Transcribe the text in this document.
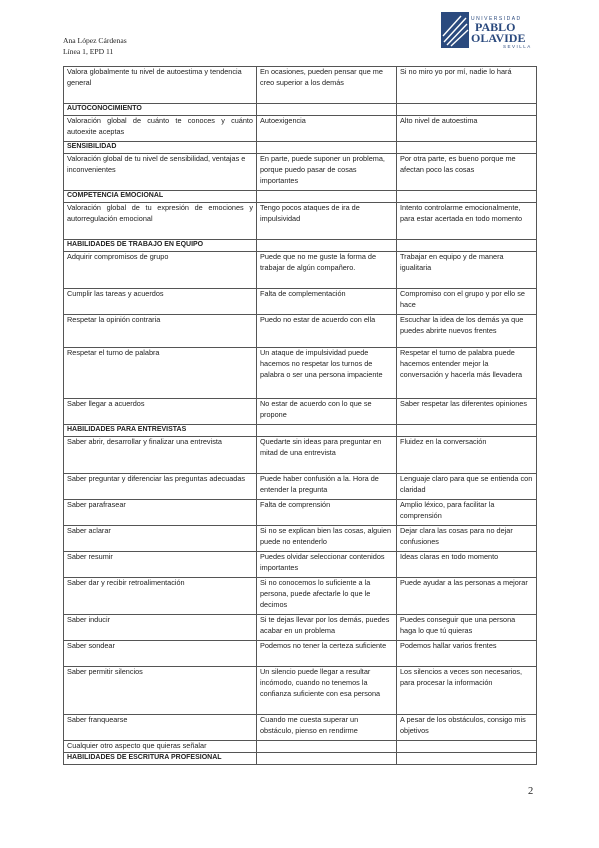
Ana López Cárdenas
Línea 1, EPD 11
UNIVERSIDAD
PABLO
OLAVIDE
SEVILLA
Valora globalmente tu nivel de autoestima y tendencia general	En ocasiones, pueden pensar que me creo superior a los demás	Si no miro yo por mí, nadie lo hará
AUTOCONOCIMIENTO		
Valoración global de cuánto te conoces y cuánto autoexite aceptas	Autoexigencia	Alto nivel de autoestima
SENSIBILIDAD		
Valoración global de tu nivel de sensibilidad, ventajas e inconvenientes	En parte, puede suponer un problema, porque puedo pasar de cosas importantes	Por otra parte, es bueno porque me afectan poco las cosas
COMPETENCIA EMOCIONAL		
Valoración global de tu expresión de emociones y autorregulación emocional	Tengo pocos ataques de ira de impulsividad	Intento controlarme emocionalmente, para estar acertada en todo momento
HABILIDADES DE TRABAJO EN EQUIPO		
Adquirir compromisos de grupo	Puede que no me guste la forma de trabajar de algún compañero.	Trabajar en equipo y de manera igualitaria
Cumplir las tareas y acuerdos	Falta de complementación	Compromiso con el grupo y por ello se hace
Respetar la opinión contraria	Puedo no estar de acuerdo con ella	Escuchar la idea de los demás ya que puedes abrirte nuevos frentes
Respetar el turno de palabra	Un ataque de impulsividad puede hacemos no respetar los turnos de palabra o ser una persona impaciente	Respetar el turno de palabra puede hacemos entender mejor la conversación y hacerla más llevadera
Saber llegar a acuerdos	No estar de acuerdo con lo que se propone	Saber respetar las diferentes opiniones
HABILIDADES PARA ENTREVISTAS		
Saber abrir, desarrollar y finalizar una entrevista	Quedarte sin ideas para preguntar en mitad de una entrevista	Fluidez en la conversación
Saber preguntar y diferenciar las preguntas adecuadas	Puede haber confusión a la. Hora de entender la pregunta	Lenguaje claro para que se entienda con claridad
Saber parafrasear	Falta de comprensión	Amplio léxico, para facilitar la comprensión
Saber aclarar	Si no se explican bien las cosas, alguien puede no entenderlo	Dejar clara las cosas para no dejar confusiones
Saber resumir	Puedes olvidar seleccionar contenidos importantes	Ideas claras en todo momento
Saber dar y recibir retroalimentación	Si no conocemos lo suficiente a la persona, puede afectarle lo que le decimos	Puede ayudar a las personas a mejorar
Saber inducir	Si te dejas llevar por los demás, puedes acabar en un problema	Puedes conseguir que una persona haga lo que tú quieras
Saber sondear	Podemos no tener la certeza suficiente	Podemos hallar varios frentes
Saber permitir silencios	Un silencio puede llegar a resultar incómodo, cuando no tenemos la confianza suficiente con esa persona	Los silencios a veces son necesarios, para procesar la información
Saber franquearse	Cuando me cuesta superar un obstáculo, pienso en rendirme	A pesar de los obstáculos, consigo mis objetivos
Cualquier otro aspecto que quieras señalar		
HABILIDADES DE ESCRITURA PROFESIONAL		
2
